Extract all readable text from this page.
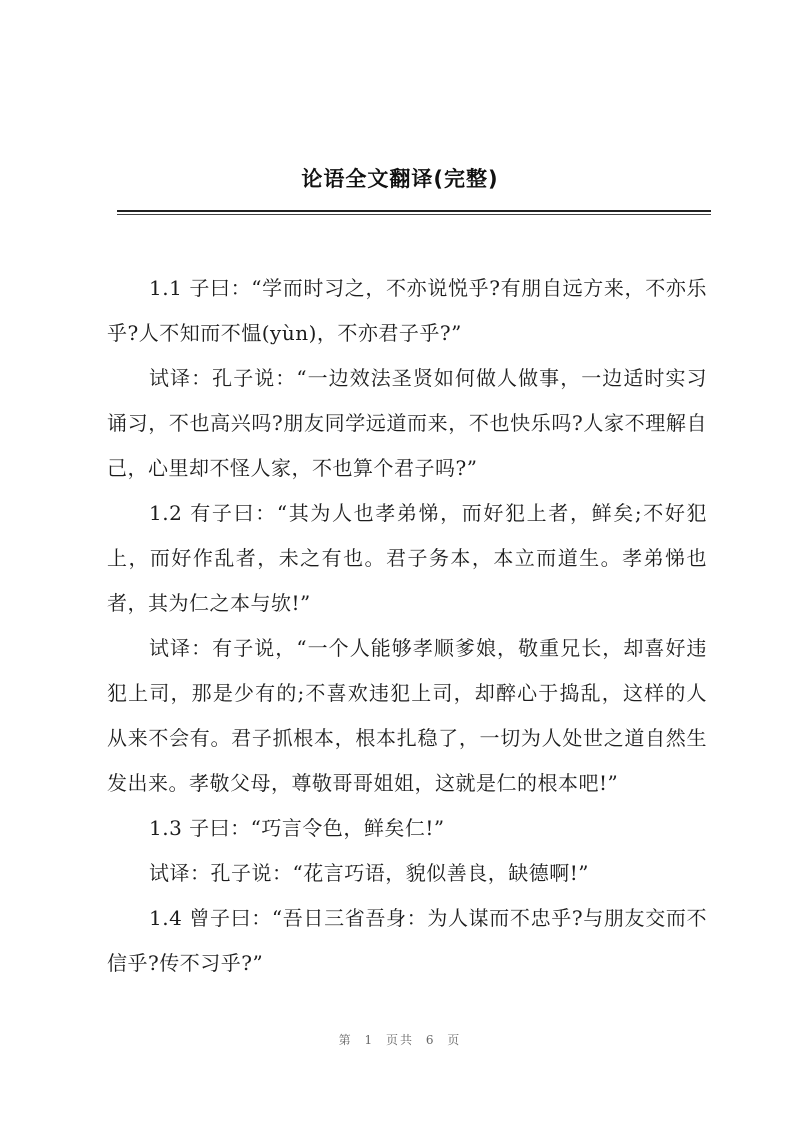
论语全文翻译(完整)

1.1 子曰：“学而时习之，不亦说悦乎?有朋自远方来，不亦乐乎?人不知而不愠(yùn)，不亦君子乎?”

试译：孔子说：“一边效法圣贤如何做人做事，一边适时实习诵习，不也高兴吗?朋友同学远道而来，不也快乐吗?人家不理解自己，心里却不怪人家，不也算个君子吗?”

1.2 有子曰：“其为人也孝弟悌，而好犯上者，鲜矣;不好犯上，而好作乱者，未之有也。君子务本，本立而道生。孝弟悌也者，其为仁之本与欤!”

试译：有子说，“一个人能够孝顺爹娘，敬重兄长，却喜好违犯上司，那是少有的;不喜欢违犯上司，却醉心于捣乱，这样的人从来不会有。君子抓根本，根本扎稳了，一切为人处世之道自然生发出来。孝敬父母，尊敬哥哥姐姐，这就是仁的根本吧!”

1.3 子曰：“巧言令色，鲜矣仁!”

试译：孔子说：“花言巧语，貌似善良，缺德啊!”

1.4 曾子曰：“吾日三省吾身：为人谋而不忠乎?与朋友交而不信乎?传不习乎?”

第 1 页共 6 页
